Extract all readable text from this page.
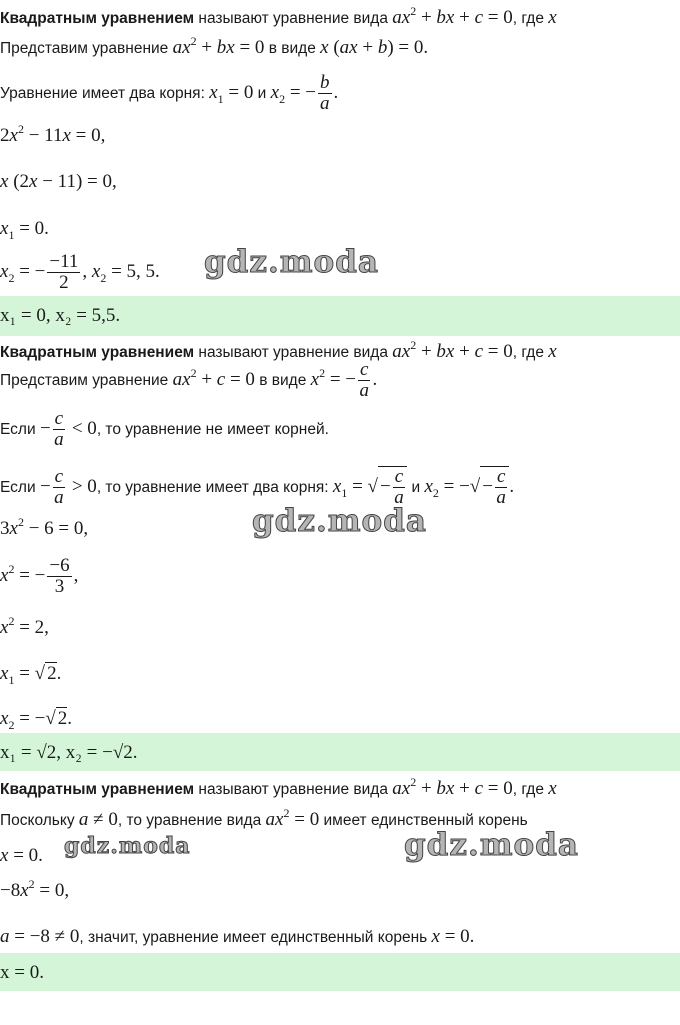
Квадратным уравнением называют уравнение вида $ax^2$ + bx + c = 0, где x
Представим уравнение $ax^2$ + bx = 0 в виде x (ax + b) = 0.
Уравнение имеет два корня: $x_1 = 0$ и $x_2$ = − $\frac{b}{a}$ .
$2x^2 - 11x = 0$,
x (2x − 11) = 0,
$x_1 = 0$.
$x_2$ = − $\frac{-11}{2}$ , $x_2 = 5$, 5. gdz.moda
x₁ = 0, x₂ = 5,5.
Квадратным уравнением называют уравнение вида $ax^2$ + bx + c = 0, где x
Представим уравнение $ax^2 + c = 0$ в виде $x^2$ = − $\frac{c}{a}$ .
Если − $\frac{c}{a} < 0$, то уравнение не имеет корней.
Если − $\frac{c}{a} > 0$, то уравнение имеет два корня: $x_1$ = √ − $\frac{c}{a}$ и $x_2$ = −√ − $\frac{c}{a}$ .
$3x^2 - 6 = 0$,	gdz.moda
$x^2$ = − $\frac{-6}{3}$ ,
$x^2 = 2$,
$x_1$ = √ 2.
$x_2$ = −√ 2.
x₁ = √2, x₂ = −√2.
Квадратным уравнением называют уравнение вида $ax^2$ + bx + c = 0, где x
Поскольку a ≠ 0, то уравнение вида $ax^2 = 0$ имеет единственный корень
x = 0. gdz.moda	gdz.moda
$-8x^2 = 0$,
a = −8 ≠ 0, значит, уравнение имеет единственный корень x = 0.
x = 0.
